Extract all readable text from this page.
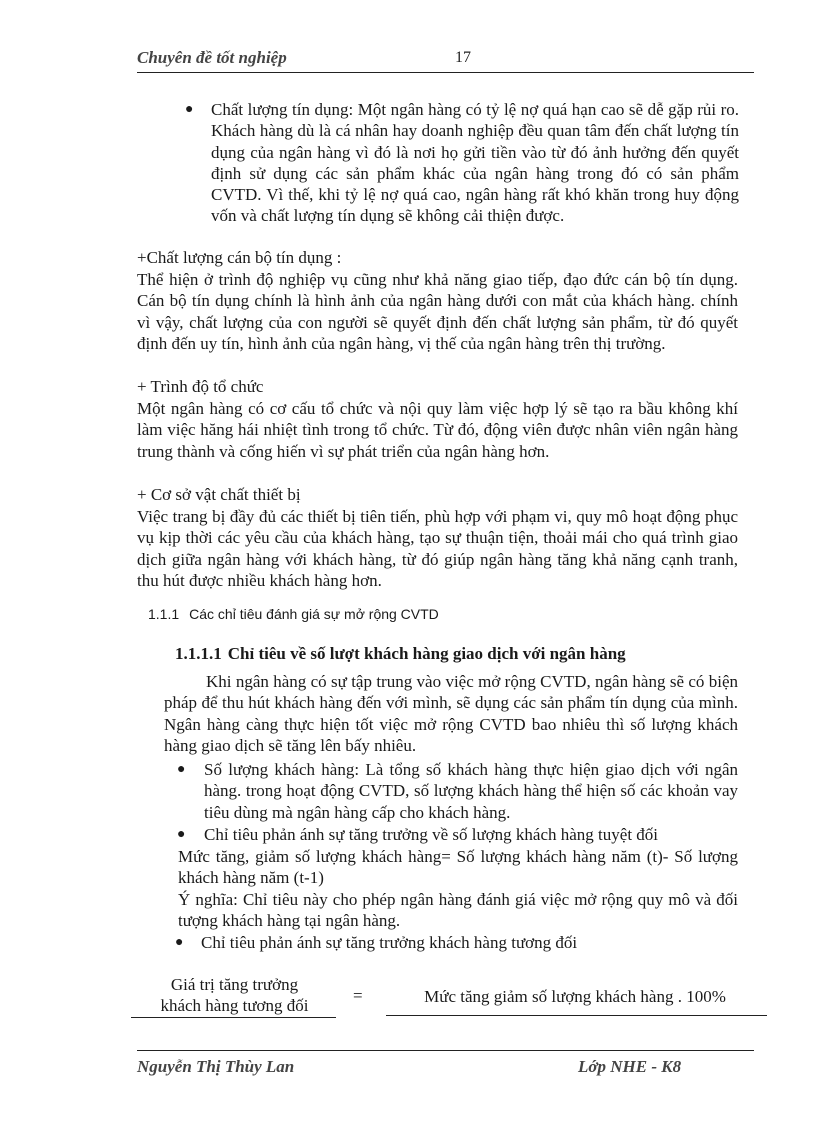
Chuyên đề tốt nghiệp	17
● Chất lượng tín dụng: Một ngân hàng có tỷ lệ nợ quá hạn cao sẽ dễ gặp rủi ro. Khách hàng dù là cá nhân hay doanh nghiệp đều quan tâm đến chất lượng tín dụng của ngân hàng vì đó là nơi họ gửi tiền vào từ đó ảnh hưởng đến quyết định sử dụng các sản phẩm khác của ngân hàng trong đó có sản phẩm CVTD. Vì thế, khi tỷ lệ nợ quá cao, ngân hàng rất khó khăn trong huy động vốn và chất lượng tín dụng sẽ không cải thiện được.
+Chất lượng cán bộ tín dụng :
Thể hiện ở trình độ nghiệp vụ cũng như khả năng giao tiếp, đạo đức cán bộ tín dụng. Cán bộ tín dụng chính là hình ảnh của ngân hàng dưới con mắt của khách hàng. chính vì vậy, chất lượng của con người sẽ quyết định đến chất lượng sản phẩm, từ đó quyết định đến uy tín, hình ảnh của ngân hàng, vị thế của ngân hàng trên thị trường.
+ Trình độ tổ chức
Một ngân hàng có cơ cấu tổ chức và nội quy làm việc hợp lý sẽ tạo ra bầu không khí làm việc hăng hái nhiệt tình trong tổ chức. Từ đó, động viên được nhân viên ngân hàng trung thành và cống hiến vì sự phát triển của ngân hàng hơn.
+ Cơ sở vật chất thiết bị
Việc trang bị đầy đủ các thiết bị tiên tiến, phù hợp với phạm vi, quy mô hoạt động phục vụ kịp thời các yêu cầu của khách hàng, tạo sự thuận tiện, thoải mái cho quá trình giao dịch giữa ngân hàng với khách hàng, từ đó giúp ngân hàng tăng khả năng cạnh tranh, thu hút được nhiều khách hàng hơn.
1.1.1 Các chỉ tiêu đánh giá sự mở rộng CVTD
1.1.1.1 Chỉ tiêu về số lượt khách hàng giao dịch với ngân hàng
Khi ngân hàng có sự tập trung vào việc mở rộng CVTD, ngân hàng sẽ có biện pháp để thu hút khách hàng đến với mình, sẽ dụng các sản phẩm tín dụng của mình. Ngân hàng càng thực hiện tốt việc mở rộng CVTD bao nhiêu thì số lượng khách hàng giao dịch sẽ tăng lên bấy nhiêu.
● Số lượng khách hàng: Là tổng số khách hàng thực hiện giao dịch với ngân hàng. trong hoạt động CVTD, số lượng khách hàng thể hiện số các khoản vay tiêu dùng mà ngân hàng cấp cho khách hàng.
● Chỉ tiêu phản ánh sự tăng trưởng về số lượng khách hàng tuyệt đối
Mức tăng, giảm số lượng khách hàng= Số lượng khách hàng năm (t)- Số lượng khách hàng năm (t-1)
Ý nghĩa: Chỉ tiêu này cho phép ngân hàng đánh giá việc mở rộng quy mô và đối tượng khách hàng tại ngân hàng.
● Chỉ tiêu phản ánh sự tăng trưởng khách hàng tương đối
Giá trị tăng trưởng
khách hàng tương đối
=	Mức tăng giảm số lượng khách hàng . 100%
Nguyễn Thị Thùy Lan	Lớp NHE - K8
